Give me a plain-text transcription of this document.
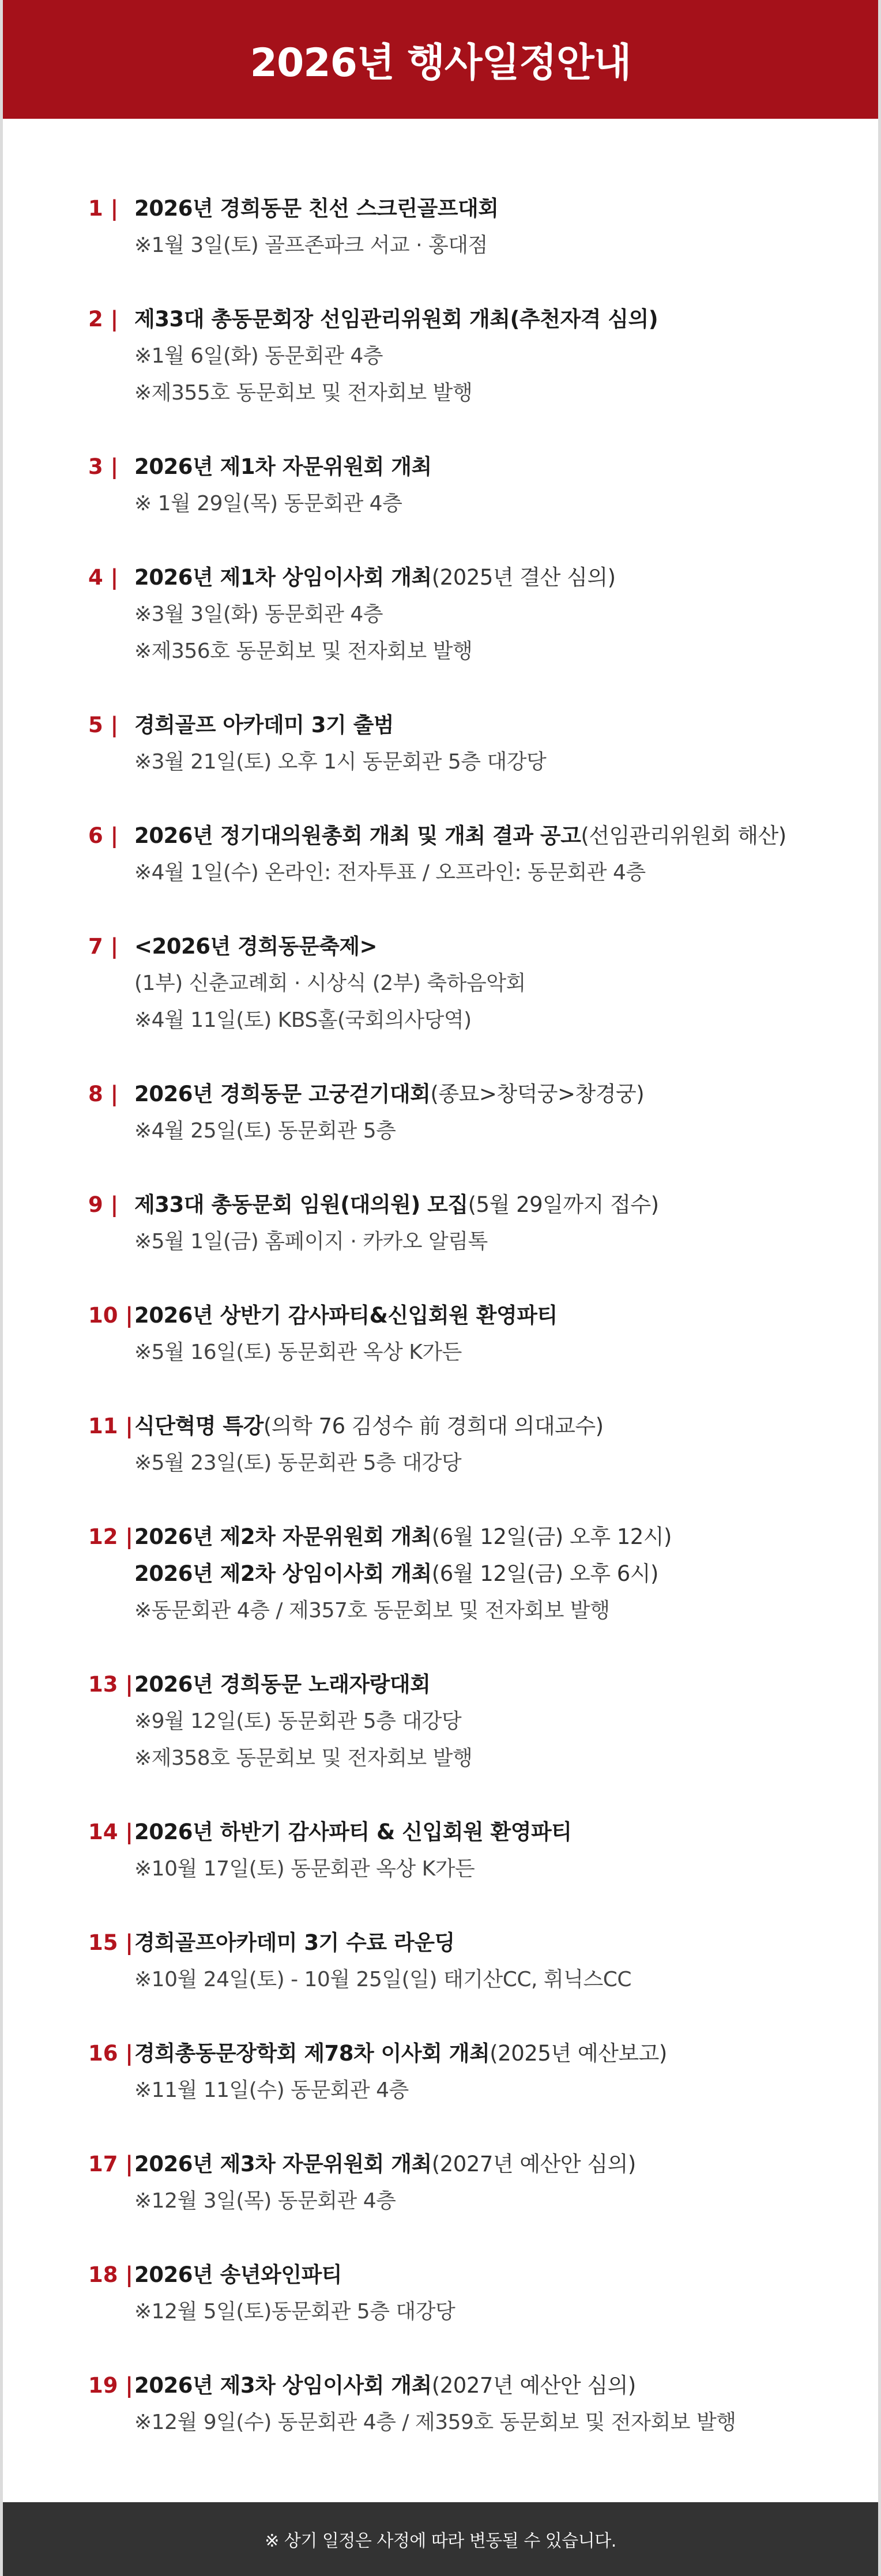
2026년 행사일정안내
1 | 2026년 경희동문 친선 스크린골프대회
※1월 3일(토) 골프존파크 서교 · 홍대점
2 | 제33대 총동문회장 선임관리위원회 개최(추천자격 심의)
※1월 6일(화) 동문회관 4층
※제355호 동문회보 및 전자회보 발행
3 | 2026년 제1차 자문위원회 개최
※ 1월 29일(목) 동문회관 4층
4 | 2026년 제1차 상임이사회 개최(2025년 결산 심의)
※3월 3일(화) 동문회관 4층
※제356호 동문회보 및 전자회보 발행
5 | 경희골프 아카데미 3기 출범
※3월 21일(토) 오후 1시 동문회관 5층 대강당
6 | 2026년 정기대의원총회 개최 및 개최 결과 공고(선임관리위원회 해산)
※4월 1일(수) 온라인: 전자투표 / 오프라인: 동문회관 4층
7 | <2026년 경희동문축제>
(1부) 신춘교례회 · 시상식 (2부) 축하음악회
※4월 11일(토) KBS홀(국회의사당역)
8 | 2026년 경희동문 고궁걷기대회(종묘>창덕궁>창경궁)
※4월 25일(토) 동문회관 5층
9 | 제33대 총동문회 임원(대의원) 모집(5월 29일까지 접수)
※5월 1일(금) 홈페이지 · 카카오 알림톡
10 | 2026년 상반기 감사파티&신입회원 환영파티
※5월 16일(토) 동문회관 옥상 K가든
11 | 식단혁명 특강(의학 76 김성수 前 경희대 의대교수)
※5월 23일(토) 동문회관 5층 대강당
12 | 2026년 제2차 자문위원회 개최(6월 12일(금) 오후 12시)
2026년 제2차 상임이사회 개최(6월 12일(금) 오후 6시)
※동문회관 4층 / 제357호 동문회보 및 전자회보 발행
13 | 2026년 경희동문 노래자랑대회
※9월 12일(토) 동문회관 5층 대강당
※제358호 동문회보 및 전자회보 발행
14 | 2026년 하반기 감사파티 & 신입회원 환영파티
※10월 17일(토) 동문회관 옥상 K가든
15 | 경희골프아카데미 3기 수료 라운딩
※10월 24일(토) - 10월 25일(일) 태기산CC, 휘닉스CC
16 | 경희총동문장학회 제78차 이사회 개최(2025년 예산보고)
※11월 11일(수) 동문회관 4층
17 | 2026년 제3차 자문위원회 개최(2027년 예산안 심의)
※12월 3일(목) 동문회관 4층
18 | 2026년 송년와인파티
※12월 5일(토)동문회관 5층 대강당
19 | 2026년 제3차 상임이사회 개최(2027년 예산안 심의)
※12월 9일(수) 동문회관 4층 / 제359호 동문회보 및 전자회보 발행
※ 상기 일정은 사정에 따라 변동될 수 있습니다.
